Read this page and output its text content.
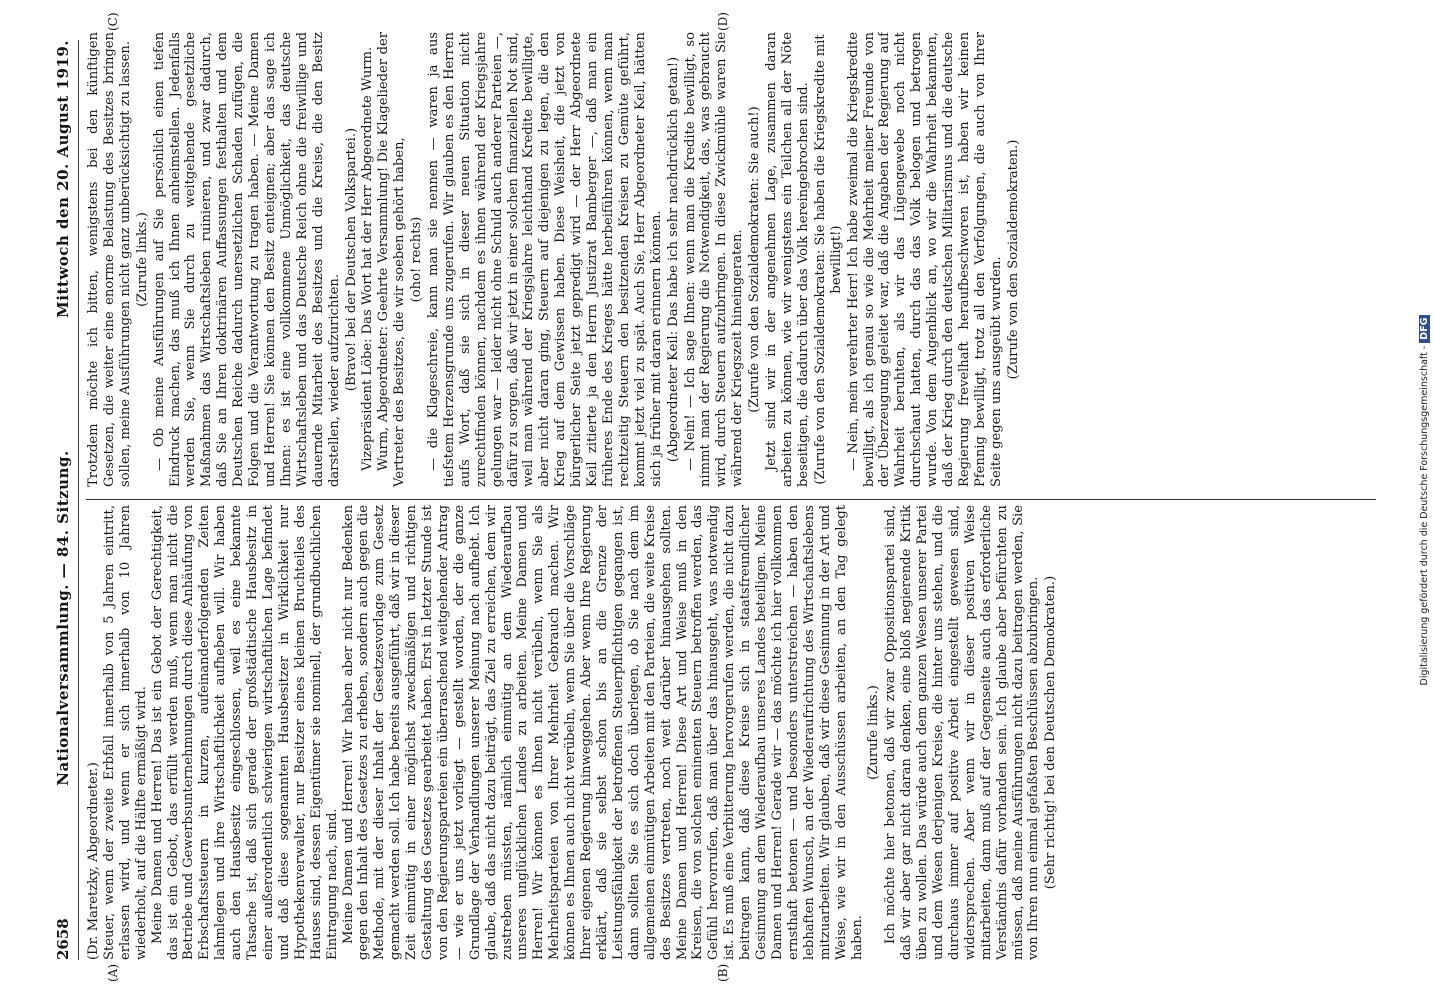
2658
Nationalversammlung. — 84. Sitzung.
Mittwoch den 20. August 1919.
(A)	(B)
(C)	(D)

(Dr. Maretzky, Abgeordneter.) Steuer, wenn der zweite Erbfall innerhalb von 5 Jahren eintritt, erlassen wird, und wenn er sich innerhalb von 10 Jahren wiederholt, auf die Hälfte ermäßigt wird. Meine Damen und Herren! Das ist ein Gebot der Gerechtigkeit, das ist ein Gebot, das erfüllt werden muß, wenn man nicht die Betriebe und Gewerbsunternehmungen durch diese Anhäufung von Erbschaftssteuern in kurzen, aufeinanderfolgenden Zeiten lahmlegen und ihre Wirtschaftlichkeit aufheben will. Wir haben auch den Hausbesitz eingeschlossen, weil es eine bekannte Tatsache ist, daß sich gerade der großstädtische Hausbesitz in einer außerordentlich schwierigen wirtschaftlichen Lage befindet und daß diese sogenannten Hausbesitzer in Wirklichkeit nur Hypothekenverwalter, nur Besitzer eines kleinen Bruchteiles des Hauses sind, dessen Eigentümer sie nominell, der grundbuchlichen Eintragung nach, sind. Meine Damen und Herren! Wir haben aber nicht nur Bedenken gegen den Inhalt des Gesetzes zu erheben, sondern auch gegen die Methode, mit der dieser Inhalt der Gesetzesvorlage zum Gesetz gemacht werden soll. Ich habe bereits ausgeführt, daß wir in dieser Zeit einmütig in einer möglichst zweckmäßigen und richtigen Gestaltung des Gesetzes gearbeitet haben. Erst in letzter Stunde ist von den Regierungsparteien ein überraschend weitgehender Antrag — wie er uns jetzt vorliegt — gestellt worden, der die ganze Grundlage der Verhandlungen unserer Meinung nach aufhebt. Ich glaube, daß das nicht dazu beiträgt, das Ziel zu erreichen, dem wir zustreben müssten, nämlich einmütig an dem Wiederaufbau unseres unglücklichen Landes zu arbeiten. Meine Damen und Herren! Wir können es Ihnen nicht verübeln, wenn Sie als Mehrheitsparteien von Ihrer Mehrheit Gebrauch machen. Wir können es Ihnen auch nicht verübeln, wenn Sie über die Vorschläge Ihrer eigenen Regierung hinweggehen. Aber wenn Ihre Regierung erklärt, daß sie selbst schon bis an die Grenze der Leistungsfähigkeit der betroffenen Steuerpflichtigen gegangen ist, dann sollten Sie es sich doch überlegen, ob Sie nach dem im allgemeinen einmütigen Arbeiten mit den Parteien, die weite Kreise des Besitzes vertreten, noch weit darüber hinausgehen sollten. Meine Damen und Herren! Diese Art und Weise muß in den Kreisen, die von solchen eminenten Steuern betroffen werden, das Gefühl hervorrufen, daß man über das hinausgeht, was notwendig ist. Es muß eine Verbitterung hervorgerufen werden, die nicht dazu beitragen kann, daß diese Kreise sich in staatsfreundlicher Gesinnung an dem Wiederaufbau unseres Landes beteiligen. Meine Damen und Herren! Gerade wir — das möchte ich hier vollkommen ernsthaft betonen — und besonders unterstreichen — haben den lebhaften Wunsch, an der Wiederaufrichtung des Wirtschaftslebens mitzuarbeiten. Wir glauben, daß wir diese Gesinnung in der Art und Weise, wie wir in den Ausschüssen arbeiten, an den Tag gelegt haben.

(Zurufe links.) Ich möchte hier betonen, daß wir zwar Oppositionspartei sind, daß wir aber gar nicht daran denken, eine bloß negierende Kritik üben zu wollen. Das würde auch dem ganzen Wesen unserer Partei und dem Wesen derjenigen Kreise, die hinter uns stehen, und die durchaus immer auf positive Arbeit eingestellt gewesen sind, widersprechen. Aber wenn wir in dieser positiven Weise mitarbeiten, dann muß auf der Gegenseite auch das erforderliche Verständnis dafür vorhanden sein. Ich glaube aber befürchten zu müssen, daß meine Ausführungen nicht dazu beitragen werden, Sie von Ihren nun einmal gefaßten Beschlüssen abzubringen. (Sehr richtig! bei den Deutschen Demokraten.)

Trotzdem möchte ich bitten, wenigstens bei den künftigen Gesetzen, die weiter eine enorme Belastung des Besitzes bringen sollen, meine Ausführungen nicht ganz unberücksichtigt zu lassen. (Zurufe links.) — Ob meine Ausführungen auf Sie persönlich einen tiefen Eindruck machen, das muß ich Ihnen anheimstellen. Jedenfalls werden Sie, wenn Sie durch zu weitgehende gesetzliche Maßnahmen das Wirtschaftsleben ruinieren, und zwar dadurch, daß Sie an Ihren doktrinären Auffassungen festhalten und dem Deutschen Reiche dadurch unersetzlichen Schaden zufügen, die Folgen und die Verantwortung zu tragen haben. — Meine Damen und Herren! Sie können den Besitz enteignen; aber das sage ich Ihnen: es ist eine vollkommene Unmöglichkeit, das deutsche Wirtschaftsleben und das Deutsche Reich ohne die freiwillige und dauernde Mitarbeit des Besitzes und die Kreise, die den Besitz darstellen, wieder aufzurichten. (Bravo! bei der Deutschen Volkspartei.) Vizepräsident Löbe: Das Wort hat der Herr Abgeordnete Wurm. Wurm, Abgeordneter: Geehrte Versammlung! Die Klagelieder der Vertreter des Besitzes, die wir soeben gehört haben, (oho! rechts) — die Klageschreie, kann man sie nennen — waren ja aus tiefstem Herzensgrunde uns zugerufen. Wir glauben es den Herren aufs Wort, daß sie sich in dieser neuen Situation nicht zurechtfinden können, nachdem es ihnen während der Kriegsjahre gelungen war — leider nicht ohne Schuld auch anderer Parteien —, dafür zu sorgen, daß wir jetzt in einer solchen finanziellen Not sind, weil man während der Kriegsjahre leichthand Kredite bewilligte, aber nicht daran ging, Steuern auf diejenigen zu legen, die den Krieg auf dem Gewissen haben. Diese Weisheit, die jetzt von bürgerlicher Seite jetzt gepredigt wird — der Herr Abgeordnete Keil zitierte ja den Herrn Justizrat Bamberger —, daß man ein früheres Ende des Krieges hätte herbeiführen können, wenn man rechtzeitig Steuern den besitzenden Kreisen zu Gemüte geführt, kommt jetzt viel zu spät. Auch Sie, Herr Abgeordneter Keil, hätten sich ja früher mit daran erinnern können. (Abgeordneter Keil: Das habe ich sehr nachdrücklich getan!) — Nein! — Ich sage Ihnen: wenn man die Kredite bewilligt, so nimmt man der Regierung die Notwendigkeit, das, was gebraucht wird, durch Steuern aufzubringen. In diese Zwickmühle waren Sie während der Kriegszeit hineingeraten. (Zurufe von den Sozialdemokraten: Sie auch!) Jetzt sind wir in der angenehmen Lage, zusammen daran arbeiten zu können, wie wir wenigstens ein Teilchen all der Nöte beseitigen, die dadurch über das Volk hereingebrochen sind. (Zurufe von den Sozialdemokraten: Sie haben die Kriegskredite mit bewilligt!) — Nein, mein verehrter Herr! Ich habe zweimal die Kriegskredite bewilligt, als ich genau so wie die Mehrheit meiner Freunde von der Überzeugung geleitet war, daß die Angaben der Regierung auf Wahrheit beruhten, als wir das Lügengewebe noch nicht durchschaut hatten, durch das das Volk belogen und betrogen wurde. Von dem Augenblick an, wo wir die Wahrheit bekannten, daß der Krieg durch den deutschen Militarismus und die deutsche Regierung frevelhaft heraufbeschworen ist, haben wir keinen Pfennig bewilligt, trotz all den Verfolgungen, die auch von Ihrer Seite gegen uns ausgeübt wurden. (Zurufe von den Sozialdemokraten.)

Digitalisierung gefördert durch die Deutsche Forschungsgemeinschaft - DFG
